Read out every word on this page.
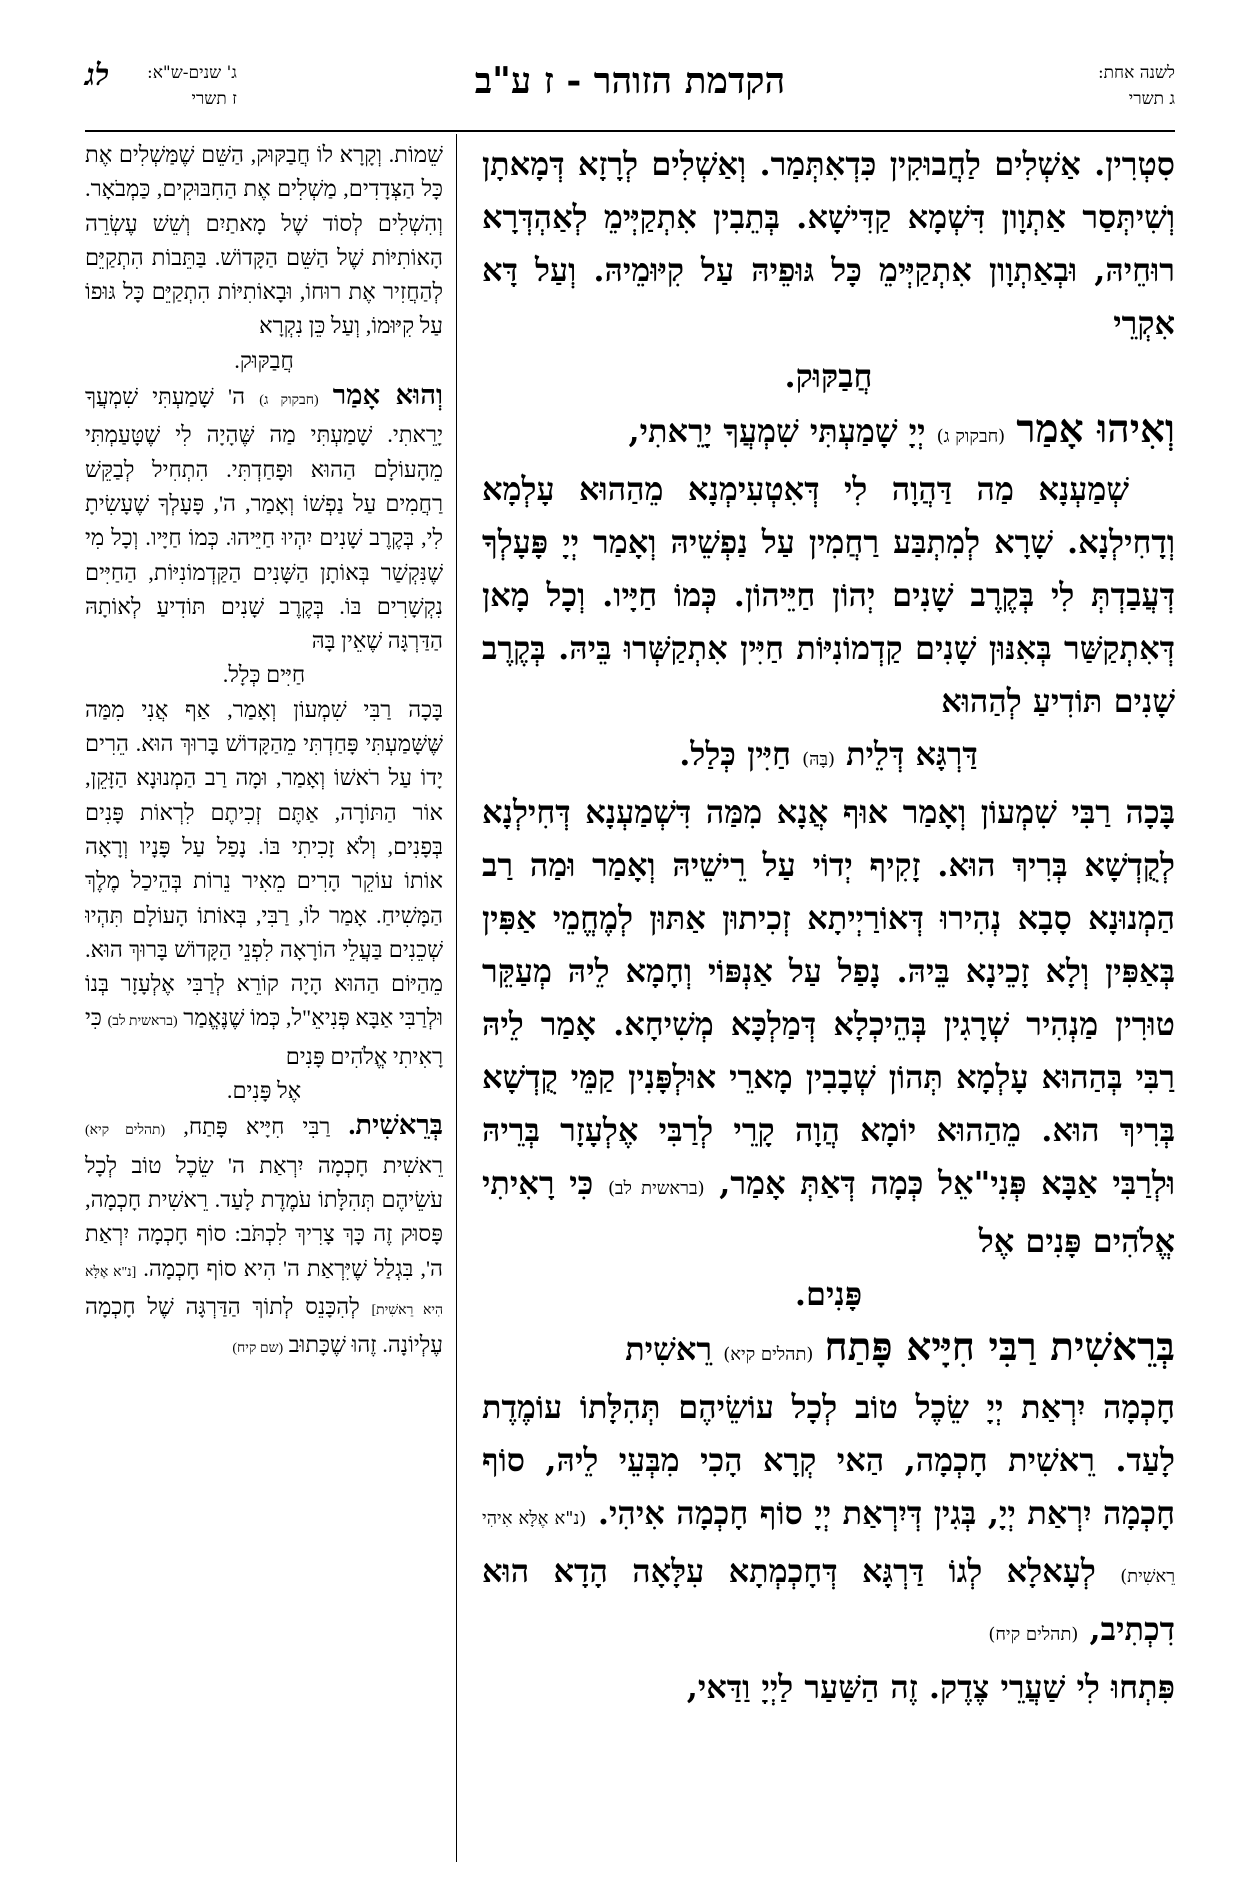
לשנה אחת:
ג תשרי
הקדמת הזוהר - ז ע"ב
ג' שנים-ש"א:
ז תשרי
לג

סִטְרִין. אַשְׁלִים לַחֲבוּקִין כִּדְאִתְּמַר. וְאַשְׁלִים לְרָזָא דְּמָאתָן וְשִׁיתְּסַר אַתְוָון דִּשְׁמָא קַדִּישָׁא. בְּתֵבִין אִתְקַיְּימֵ לְאַהְדְּרָא רוּחֵיהּ, וּבְאַתְוָון אִתְקַיְּימֵ כָּל גּוּפֵיהּ עַל קִיּוּמֵיהּ. וְעַל דָּא אִקְרֵי

חֲבַקּוּק.

וְאִיהוּ אָמַר (חבקוק ג) יְיָ שָׁמַעְתִּי שִׁמְעֲךָ יָרֵאתִי,

שְׁמַעְנָא מַה דַּהֲוָה לִי דְּאִטְעִימְנָא מֵהַהוּא עָלְמָא וְדָחִילְנָא. שָׁרָא לְמִתְבַּע רַחֲמִין עַל נַפְשֵׁיהּ וְאָמַר יְיָ פָּעָלְךָ דְּעֲבַדְתְּ לִי בְּקֶרֶב שָׁנִים יְהוֹן חַיֵּיהוֹן. כְּמוֹ חַיָּיו. וְכָל מָאן דְּאִתְקַשַּׁר בְּאִנּוּן שָׁנִים קַדְמוֹנִיּוֹת חַיִּין אִתְקַשְּׁרוּ בֵּיהּ. בְּקֶרֶב שָׁנִים תּוֹדִיעַ לְהַהוּא

דַּרְגָּא דְּלֵית (בָּהּ) חַיִּין כְּלַל.

בָּכָה רַבִּי שִׁמְעוֹן וְאָמַר אוּף אֲנָא מִמַּה דִּשְׁמַעְנָא דְּחִילְנָא לְקֻדְשָׁא בְּרִיךְ הוּא. זָקִיף יְדוֹי עַל רֵישֵׁיהּ וְאָמַר וּמַה רַב הַמְנוּנָא סָבָא נְהִירוּ דְּאוֹרַיְיתָא זְכִיתוּן אַתּוּן לְמֶחֱמֵי אַפִּין בְּאַפִּין וְלָא זָכֵינָא בֵּיהּ. נָפַל עַל אַנְפּוֹי וְחָמָא לֵיהּ מְעַקֵּר טוּרִין מַנְהִיר שְׁרָגִין בְּהֵיכְלָא דְּמַלְכָּא מְשִׁיחָא. אָמַר לֵיהּ רַבִּי בְּהַהוּא עָלְמָא תְּהוֹן שְׁבָבִין מָארֵי אוּלְפָּנִין קַמֵּי קֻדְשָׁא בְּרִיךְ הוּא. מֵהַהוּא יוֹמָא הֲוָה קָרֵי לְרַבִּי אֶלְעָזָר בְּרֵיהּ וּלְרַבִּי אַבָּא פְּנִי"אֵל כְּמָה דְּאַתְּ אָמַר, (בראשית לב) כִּי רָאִיתִי אֱלֹהִים פָּנִים אֶל

פָּנִים.

בְּרֵאשִׁית רַבִּי חִיָּיא פָּתַח (תהלים קיא) רֵאשִׁית

חָכְמָה יִרְאַת יְיָ שֵׂכֶל טוֹב לְכָל עוֹשֵׂיהֶם תְּהִלָּתוֹ עוֹמֶדֶת לָעַד. רֵאשִׁית חָכְמָה, הַאי קְרָא הָכִי מִבְּעֵי לֵיהּ, סוֹף חָכְמָה יִרְאַת יְיָ, בְּגִין דְּיִרְאַת יְיָ סוֹף חָכְמָה אִיהִי. (נ"א אֶלָּא אִיהִי רֵאשִׁית) לְעָאלָא לְגוֹ דַּרְגָּא דְּחָכְמְתָא עִלָּאָה הָדָא הוּא דִכְתִיב, (תהלים קיח)

פִּתְחוּ לִי שַׁעֲרֵי צֶדֶק. זֶה הַשַּׁעַר לַיְיָ וַדַּאי,

שֵׁמוֹת. וְקָרָא לוֹ חֲבַקּוּק, הַשֵּׁם שֶׁמַּשְׁלִים אֶת כָּל הַצְּדָדִים, מַשְׁלִים אֶת הַחִבּוּקִים, כַּמְבֹאָר. וְהִשְׁלִים לְסוֹד שֶׁל מָאתַיִם וְשֵׁשׁ עֶשְׂרֵה הָאוֹתִיּוֹת שֶׁל הַשֵּׁם הַקָּדוֹשׁ. בַּתֵּבוֹת הִתְקַיֵּם לְהַחֲזִיר אֶת רוּחוֹ, וּבָאוֹתִיּוֹת הִתְקַיֵּם כָּל גּוּפוֹ עַל קִיּוּמוֹ, וְעַל כֵּן נִקְרָא

חֲבַקּוּק.

וְהוּא אָמַר (חבקוק ג) ה' שָׁמַעְתִּי שִׁמְעֲךָ יָרֵאתִי. שָׁמַעְתִּי מַה שֶּׁהָיָה לִי שֶׁטָּעַמְתִּי מֵהָעוֹלָם הַהוּא וּפָחַדְתִּי. הִתְחִיל לְבַקֵּשׁ רַחֲמִים עַל נַפְשׁוֹ וְאָמַר, ה', פָּעָלְךָ שֶׁעָשִׂיתָ לִי, בְּקֶרֶב שָׁנִים יִהְיוּ חַיֵּיהוּ. כְּמוֹ חַיָּיו. וְכָל מִי שֶׁנִּקְשַׁר בְּאוֹתָן הַשָּׁנִים הַקַּדְמוֹנִיּוֹת, הַחַיִּים נִקְשָׁרִים בּוֹ. בְּקֶרֶב שָׁנִים תּוֹדִיעַ לְאוֹתָהּ הַדַּרְגָּה שֶׁאֵין בָּהּ

חַיִּים כְּלָל.

בָּכָה רַבִּי שִׁמְעוֹן וְאָמַר, אַף אֲנִי מִמַּה שֶּׁשָּׁמַעְתִּי פָּחַדְתִּי מֵהַקָּדוֹשׁ בָּרוּךְ הוּא. הֵרִים יָדוֹ עַל רֹאשׁוֹ וְאָמַר, וּמָה רַב הַמְנוּנָא הַזָּקֵן, אוֹר הַתּוֹרָה, אַתֶּם זְכִיתֶם לִרְאוֹת פָּנִים בְּפָנִים, וְלֹא זָכִיתִי בּוֹ. נָפַל עַל פָּנָיו וְרָאָה אוֹתוֹ עוֹקֵר הָרִים מֵאִיר נֵרוֹת בְּהֵיכַל מֶלֶךְ הַמָּשִׁיחַ. אָמַר לוֹ, רַבִּי, בְּאוֹתוֹ הָעוֹלָם תִּהְיוּ שְׁכֵנִים בַּעֲלֵי הוֹרָאָה לִפְנֵי הַקָּדוֹשׁ בָּרוּךְ הוּא. מֵהַיּוֹם הַהוּא הָיָה קוֹרֵא לְרַבִּי אֶלְעָזָר בְּנוֹ וּלְרַבִּי אַבָּא פְּנִיאֵ"ל, כְּמוֹ שֶׁנֶּאֱמַר (בראשית לב) כִּי רָאִיתִי אֱלֹהִים פָּנִים

אֶל פָּנִים.

בְּרֵאשִׁית. רַבִּי חִיָּיא פָּתַח, (תהלים קיא) רֵאשִׁית חָכְמָה יִרְאַת ה' שֵׂכֶל טוֹב לְכָל עֹשֵׂיהֶם תְּהִלָּתוֹ עֹמֶדֶת לָעַד. רֵאשִׁית חָכְמָה, פָּסוּק זֶה כָּךְ צָרִיךְ לִכְתֹּב: סוֹף חָכְמָה יִרְאַת ה', בִּגְלַל שֶׁיִּרְאַת ה' הִיא סוֹף חָכְמָה. [נ"א אֶלָּא הִיא רֵאשִׁית] לְהִכָּנֵס לְתוֹךְ הַדַּרְגָּה שֶׁל חָכְמָה עֶלְיוֹנָה. זֶהוּ שֶׁכָּתוּב (שם קיח)
